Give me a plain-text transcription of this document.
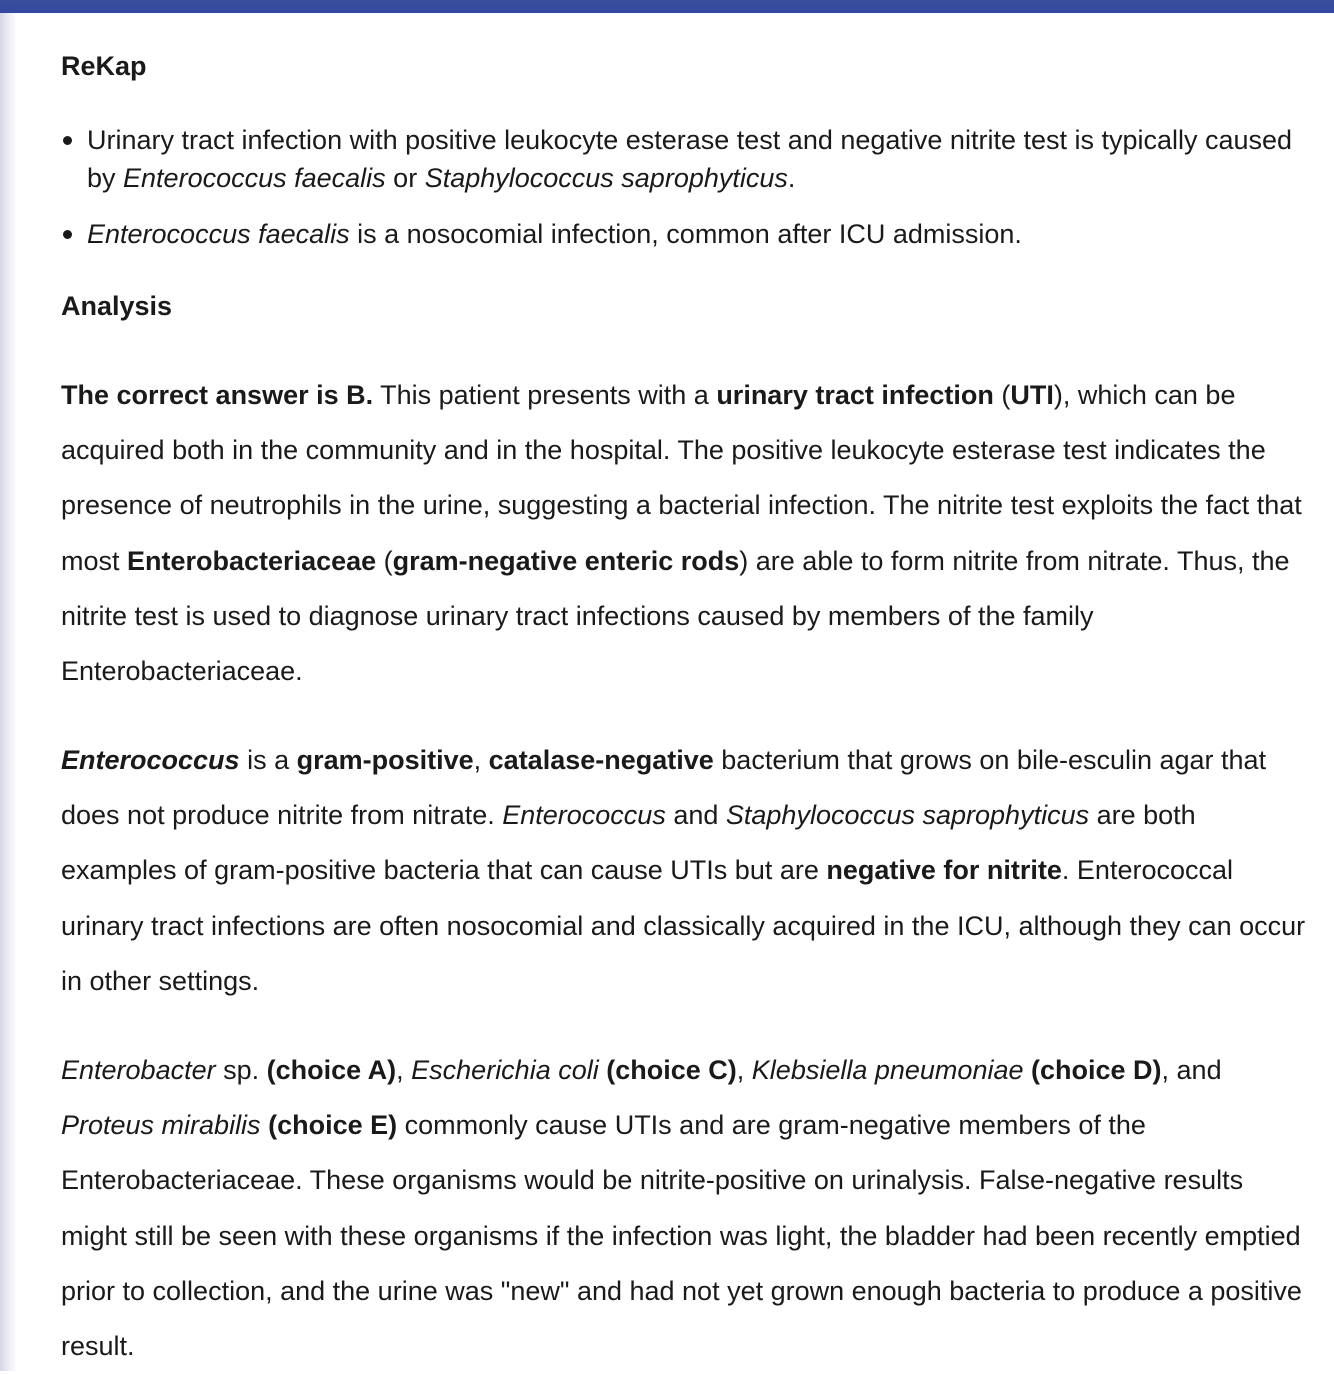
ReKap
Urinary tract infection with positive leukocyte esterase test and negative nitrite test is typically caused by Enterococcus faecalis or Staphylococcus saprophyticus.
Enterococcus faecalis is a nosocomial infection, common after ICU admission.
Analysis

The correct answer is B. This patient presents with a urinary tract infection (UTI), which can be acquired both in the community and in the hospital. The positive leukocyte esterase test indicates the presence of neutrophils in the urine, suggesting a bacterial infection. The nitrite test exploits the fact that most Enterobacteriaceae (gram-negative enteric rods) are able to form nitrite from nitrate. Thus, the nitrite test is used to diagnose urinary tract infections caused by members of the family Enterobacteriaceae.

Enterococcus is a gram-positive, catalase-negative bacterium that grows on bile-esculin agar that does not produce nitrite from nitrate. Enterococcus and Staphylococcus saprophyticus are both examples of gram-positive bacteria that can cause UTIs but are negative for nitrite. Enterococcal urinary tract infections are often nosocomial and classically acquired in the ICU, although they can occur in other settings.

Enterobacter sp. (choice A), Escherichia coli (choice C), Klebsiella pneumoniae (choice D), and Proteus mirabilis (choice E) commonly cause UTIs and are gram-negative members of the Enterobacteriaceae. These organisms would be nitrite-positive on urinalysis. False-negative results might still be seen with these organisms if the infection was light, the bladder had been recently emptied prior to collection, and the urine was "new" and had not yet grown enough bacteria to produce a positive result.
